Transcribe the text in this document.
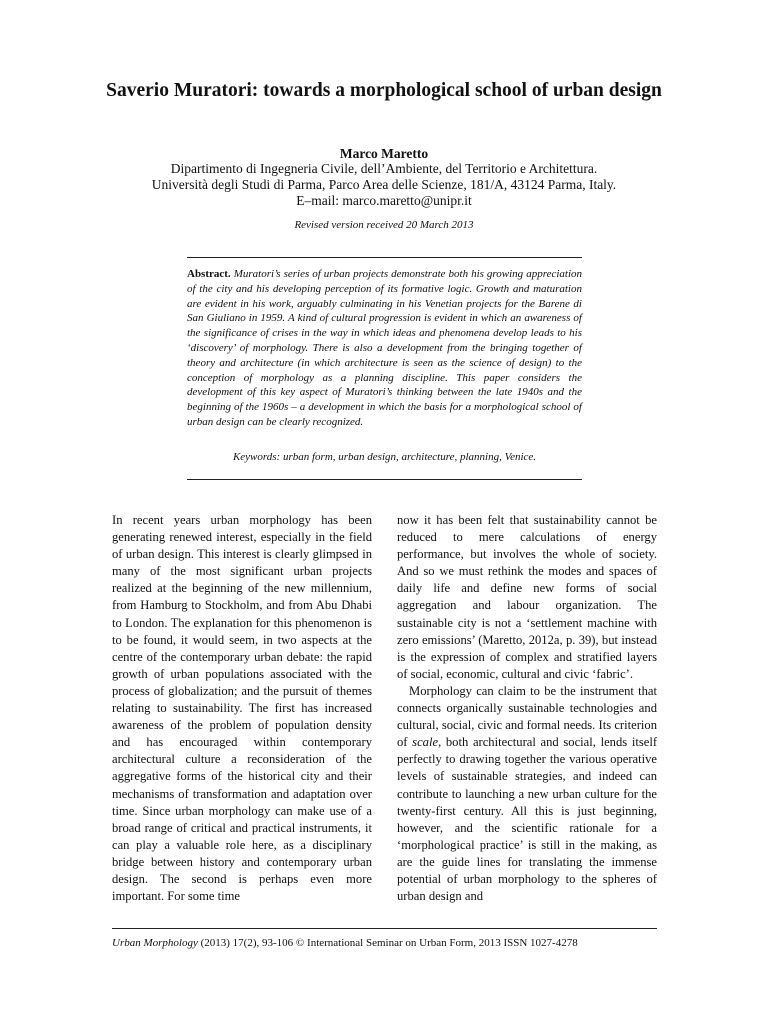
Saverio Muratori: towards a morphological school of urban design
Marco Maretto
Dipartimento di Ingegneria Civile, dell’Ambiente, del Territorio e Architettura.
Università degli Studi di Parma, Parco Area delle Scienze, 181/A, 43124 Parma, Italy.
E–mail: marco.maretto@unipr.it
Revised version received 20 March 2013
Abstract. Muratori’s series of urban projects demonstrate both his growing appreciation of the city and his developing perception of its formative logic. Growth and maturation are evident in his work, arguably culminating in his Venetian projects for the Barene di San Giuliano in 1959. A kind of cultural progression is evident in which an awareness of the significance of crises in the way in which ideas and phenomena develop leads to his ‘discovery’ of morphology. There is also a development from the bringing together of theory and architecture (in which architecture is seen as the science of design) to the conception of morphology as a planning discipline. This paper considers the development of this key aspect of Muratori’s thinking between the late 1940s and the beginning of the 1960s – a development in which the basis for a morphological school of urban design can be clearly recognized.
Keywords: urban form, urban design, architecture, planning, Venice.

In recent years urban morphology has been generating renewed interest, especially in the field of urban design. This interest is clearly glimpsed in many of the most significant urban projects realized at the beginning of the new millennium, from Hamburg to Stockholm, and from Abu Dhabi to London. The explanation for this phenomenon is to be found, it would seem, in two aspects at the centre of the contemporary urban debate: the rapid growth of urban populations associated with the process of globalization; and the pursuit of themes relating to sustainability. The first has increased awareness of the problem of population density and has encouraged within contemporary architectural culture a reconsideration of the aggregative forms of the historical city and their mechanisms of transformation and adaptation over time. Since urban morphology can make use of a broad range of critical and practical instruments, it can play a valuable role here, as a disciplinary bridge between history and contemporary urban design. The second is perhaps even more important. For some time

now it has been felt that sustainability cannot be reduced to mere calculations of energy performance, but involves the whole of society. And so we must rethink the modes and spaces of daily life and define new forms of social aggregation and labour organization. The sustainable city is not a ‘settlement machine with zero emissions’ (Maretto, 2012a, p. 39), but instead is the expression of complex and stratified layers of social, economic, cultural and civic ‘fabric’.

Morphology can claim to be the instrument that connects organically sustainable technologies and cultural, social, civic and formal needs. Its criterion of scale, both architectural and social, lends itself perfectly to drawing together the various operative levels of sustainable strategies, and indeed can contribute to launching a new urban culture for the twenty-first century. All this is just beginning, however, and the scientific rationale for a ‘morphological practice’ is still in the making, as are the guide lines for translating the immense potential of urban morphology to the spheres of urban design and

Urban Morphology (2013) 17(2), 93-106 © International Seminar on Urban Form, 2013 ISSN 1027-4278
